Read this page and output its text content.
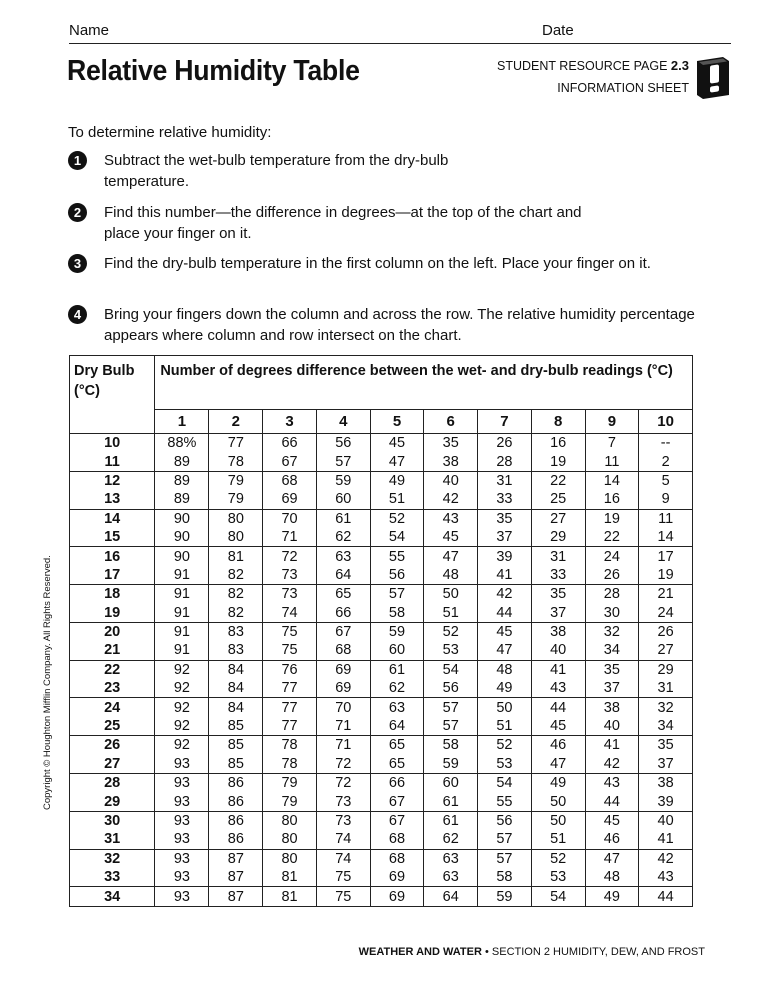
Name	Date
Relative Humidity Table	STUDENT RESOURCE PAGE 2.3
INFORMATION SHEET
To determine relative humidity:
1	Subtract the wet-bulb temperature from the dry-bulb temperature.
2	Find this number—the difference in degrees—at the top of the chart and place your finger on it.
3	Find the dry-bulb temperature in the first column on the left. Place your finger on it.
4	Bring your fingers down the column and across the row. The relative humidity percentage appears where column and row intersect on the chart.
Dry Bulb (°C)	Number of degrees difference between the wet- and dry-bulb readings (°C)									
	1	2	3	4	5	6	7	8	9	10
10	88%	77	66	56	45	35	26	16	7	--
11	89	78	67	57	47	38	28	19	11	2
12	89	79	68	59	49	40	31	22	14	5
13	89	79	69	60	51	42	33	25	16	9
14	90	80	70	61	52	43	35	27	19	11
15	90	80	71	62	54	45	37	29	22	14
16	90	81	72	63	55	47	39	31	24	17
17	91	82	73	64	56	48	41	33	26	19
18	91	82	73	65	57	50	42	35	28	21
19	91	82	74	66	58	51	44	37	30	24
20	91	83	75	67	59	52	45	38	32	26
21	91	83	75	68	60	53	47	40	34	27
22	92	84	76	69	61	54	48	41	35	29
23	92	84	77	69	62	56	49	43	37	31
24	92	84	77	70	63	57	50	44	38	32
25	92	85	77	71	64	57	51	45	40	34
26	92	85	78	71	65	58	52	46	41	35
27	93	85	78	72	65	59	53	47	42	37
28	93	86	79	72	66	60	54	49	43	38
29	93	86	79	73	67	61	55	50	44	39
30	93	86	80	73	67	61	56	50	45	40
31	93	86	80	74	68	62	57	51	46	41
32	93	87	80	74	68	63	57	52	47	42
33	93	87	81	75	69	63	58	53	48	43
34	93	87	81	75	69	64	59	54	49	44
Copyright © Houghton Mifflin Company. All Rights Reserved.
WEATHER AND WATER • SECTION 2 HUMIDITY, DEW, AND FROST
